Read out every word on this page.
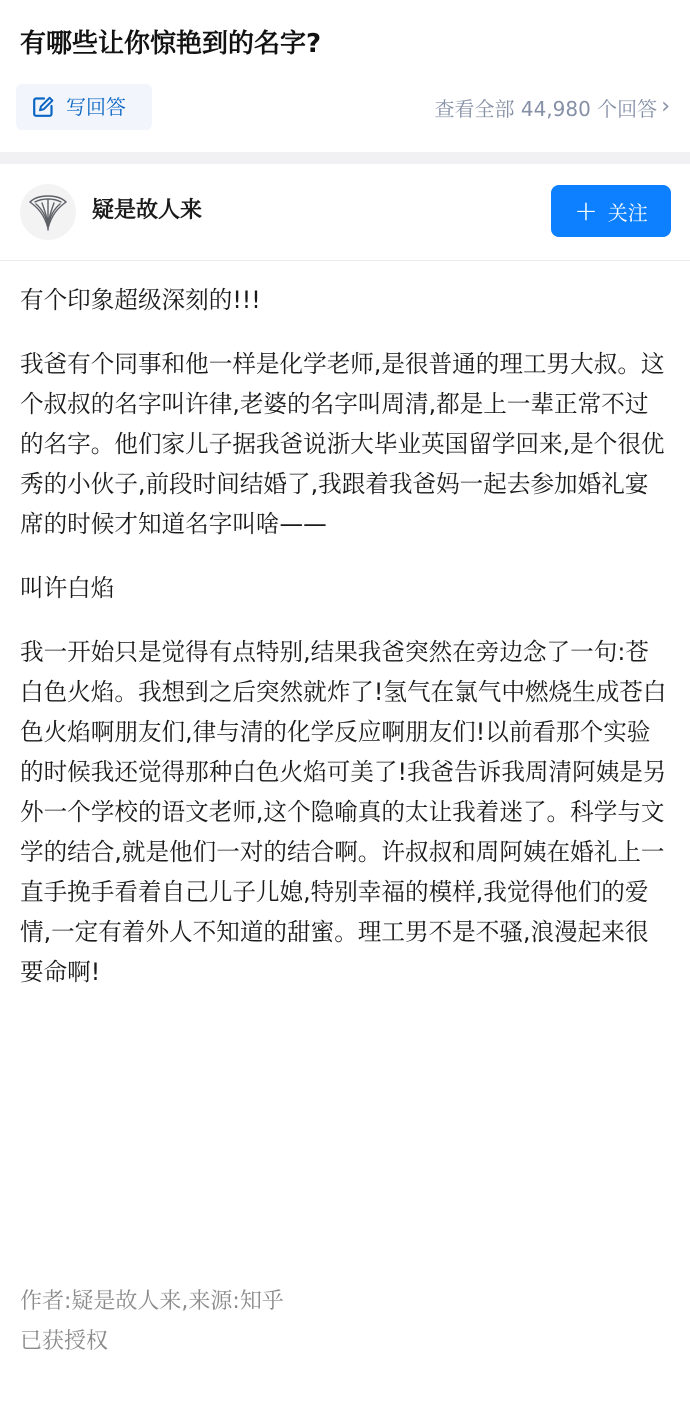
有哪些让你惊艳到的名字?
写回答	查看全部 44,980 个回答 ›
疑是故人来	+ 关注

有个印象超级深刻的!!!

我爸有个同事和他一样是化学老师,是很普通的理工男大叔。这个叔叔的名字叫许律,老婆的名字叫周清,都是上一辈正常不过的名字。他们家儿子据我爸说浙大毕业英国留学回来,是个很优秀的小伙子,前段时间结婚了,我跟着我爸妈一起去参加婚礼宴席的时候才知道名字叫啥——

叫许白焰

我一开始只是觉得有点特别,结果我爸突然在旁边念了一句:苍白色火焰。我想到之后突然就炸了!氢气在氯气中燃烧生成苍白色火焰啊朋友们,律与清的化学反应啊朋友们!以前看那个实验的时候我还觉得那种白色火焰可美了!我爸告诉我周清阿姨是另外一个学校的语文老师,这个隐喻真的太让我着迷了。科学与文学的结合,就是他们一对的结合啊。许叔叔和周阿姨在婚礼上一直手挽手看着自己儿子儿媳,特别幸福的模样,我觉得他们的爱情,一定有着外人不知道的甜蜜。理工男不是不骚,浪漫起来很要命啊!

作者:疑是故人来,来源:知乎
已获授权
